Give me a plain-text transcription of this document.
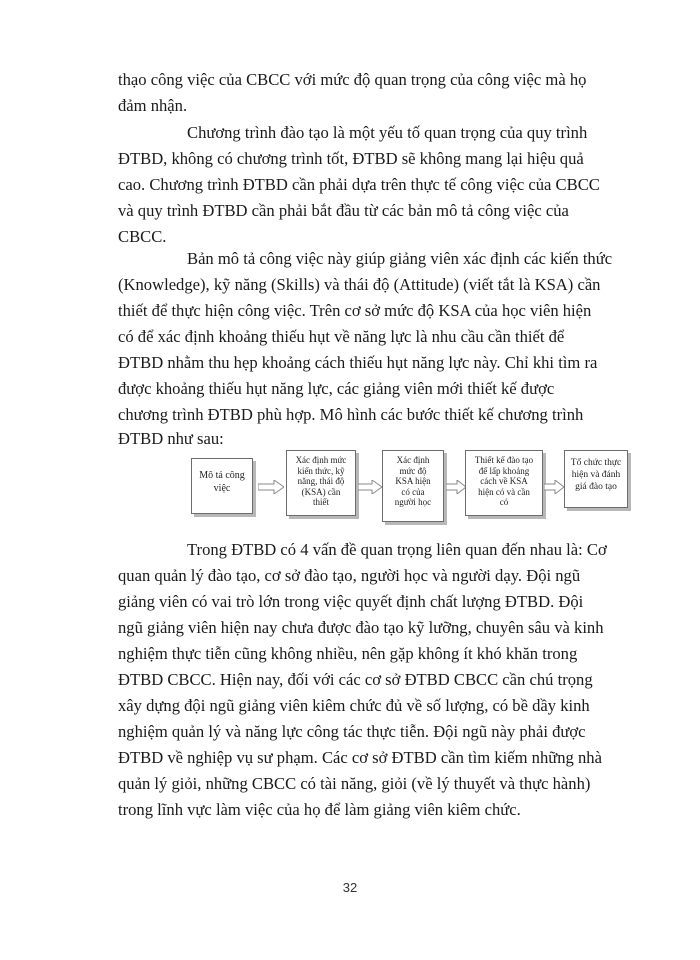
thạo công việc của CBCC với mức độ quan trọng của công việc mà họ
đảm nhận.
Chương trình đào tạo là một yếu tố quan trọng của quy trình
ĐTBD, không có chương trình tốt, ĐTBD sẽ không mang lại hiệu quả
cao. Chương trình ĐTBD cần phải dựa trên thực tế công việc của CBCC
và quy trình ĐTBD cần phải bắt đầu từ các bản mô tả công việc của
CBCC.
Bản mô tả công việc này giúp giảng viên xác định các kiến thức
(Knowledge), kỹ năng (Skills) và thái độ (Attitude) (viết tắt là KSA) cần
thiết để thực hiện công việc. Trên cơ sở mức độ KSA của học viên hiện
có để xác định khoảng thiếu hụt về năng lực là nhu cầu cần thiết để
ĐTBD nhằm thu hẹp khoảng cách thiếu hụt năng lực này. Chỉ khi tìm ra
được khoảng thiếu hụt năng lực, các giảng viên mới thiết kế được
chương trình ĐTBD phù hợp. Mô hình các bước thiết kế chương trình
ĐTBD như sau:
Mô tả công
việc
Xác định mức
kiến thức, kỹ
năng, thái độ
(KSA) cần
thiết
Xác định
mức độ
KSA hiện
có của
người học
Thiết kế đào tạo
để lấp khoảng
cách về KSA
hiện có và cần
có
Tổ chức thực
hiện và đánh
giá đào tạo
Trong ĐTBD có 4 vấn đề quan trọng liên quan đến nhau là: Cơ
quan quản lý đào tạo, cơ sở đào tạo, người học và người dạy. Đội ngũ
giảng viên có vai trò lớn trong việc quyết định chất lượng ĐTBD. Đội
ngũ giảng viên hiện nay chưa được đào tạo kỹ lưỡng, chuyên sâu và kinh
nghiệm thực tiễn cũng không nhiều, nên gặp không ít khó khăn trong
ĐTBD CBCC. Hiện nay, đối với các cơ sở ĐTBD CBCC cần chú trọng
xây dựng đội ngũ giảng viên kiêm chức đủ về số lượng, có bề dầy kinh
nghiệm quản lý và năng lực công tác thực tiễn. Đội ngũ này phải được
ĐTBD về nghiệp vụ sư phạm. Các cơ sở ĐTBD cần tìm kiếm những nhà
quản lý giỏi, những CBCC có tài năng, giỏi (về lý thuyết và thực hành)
trong lĩnh vực làm việc của họ để làm giảng viên kiêm chức.
32
